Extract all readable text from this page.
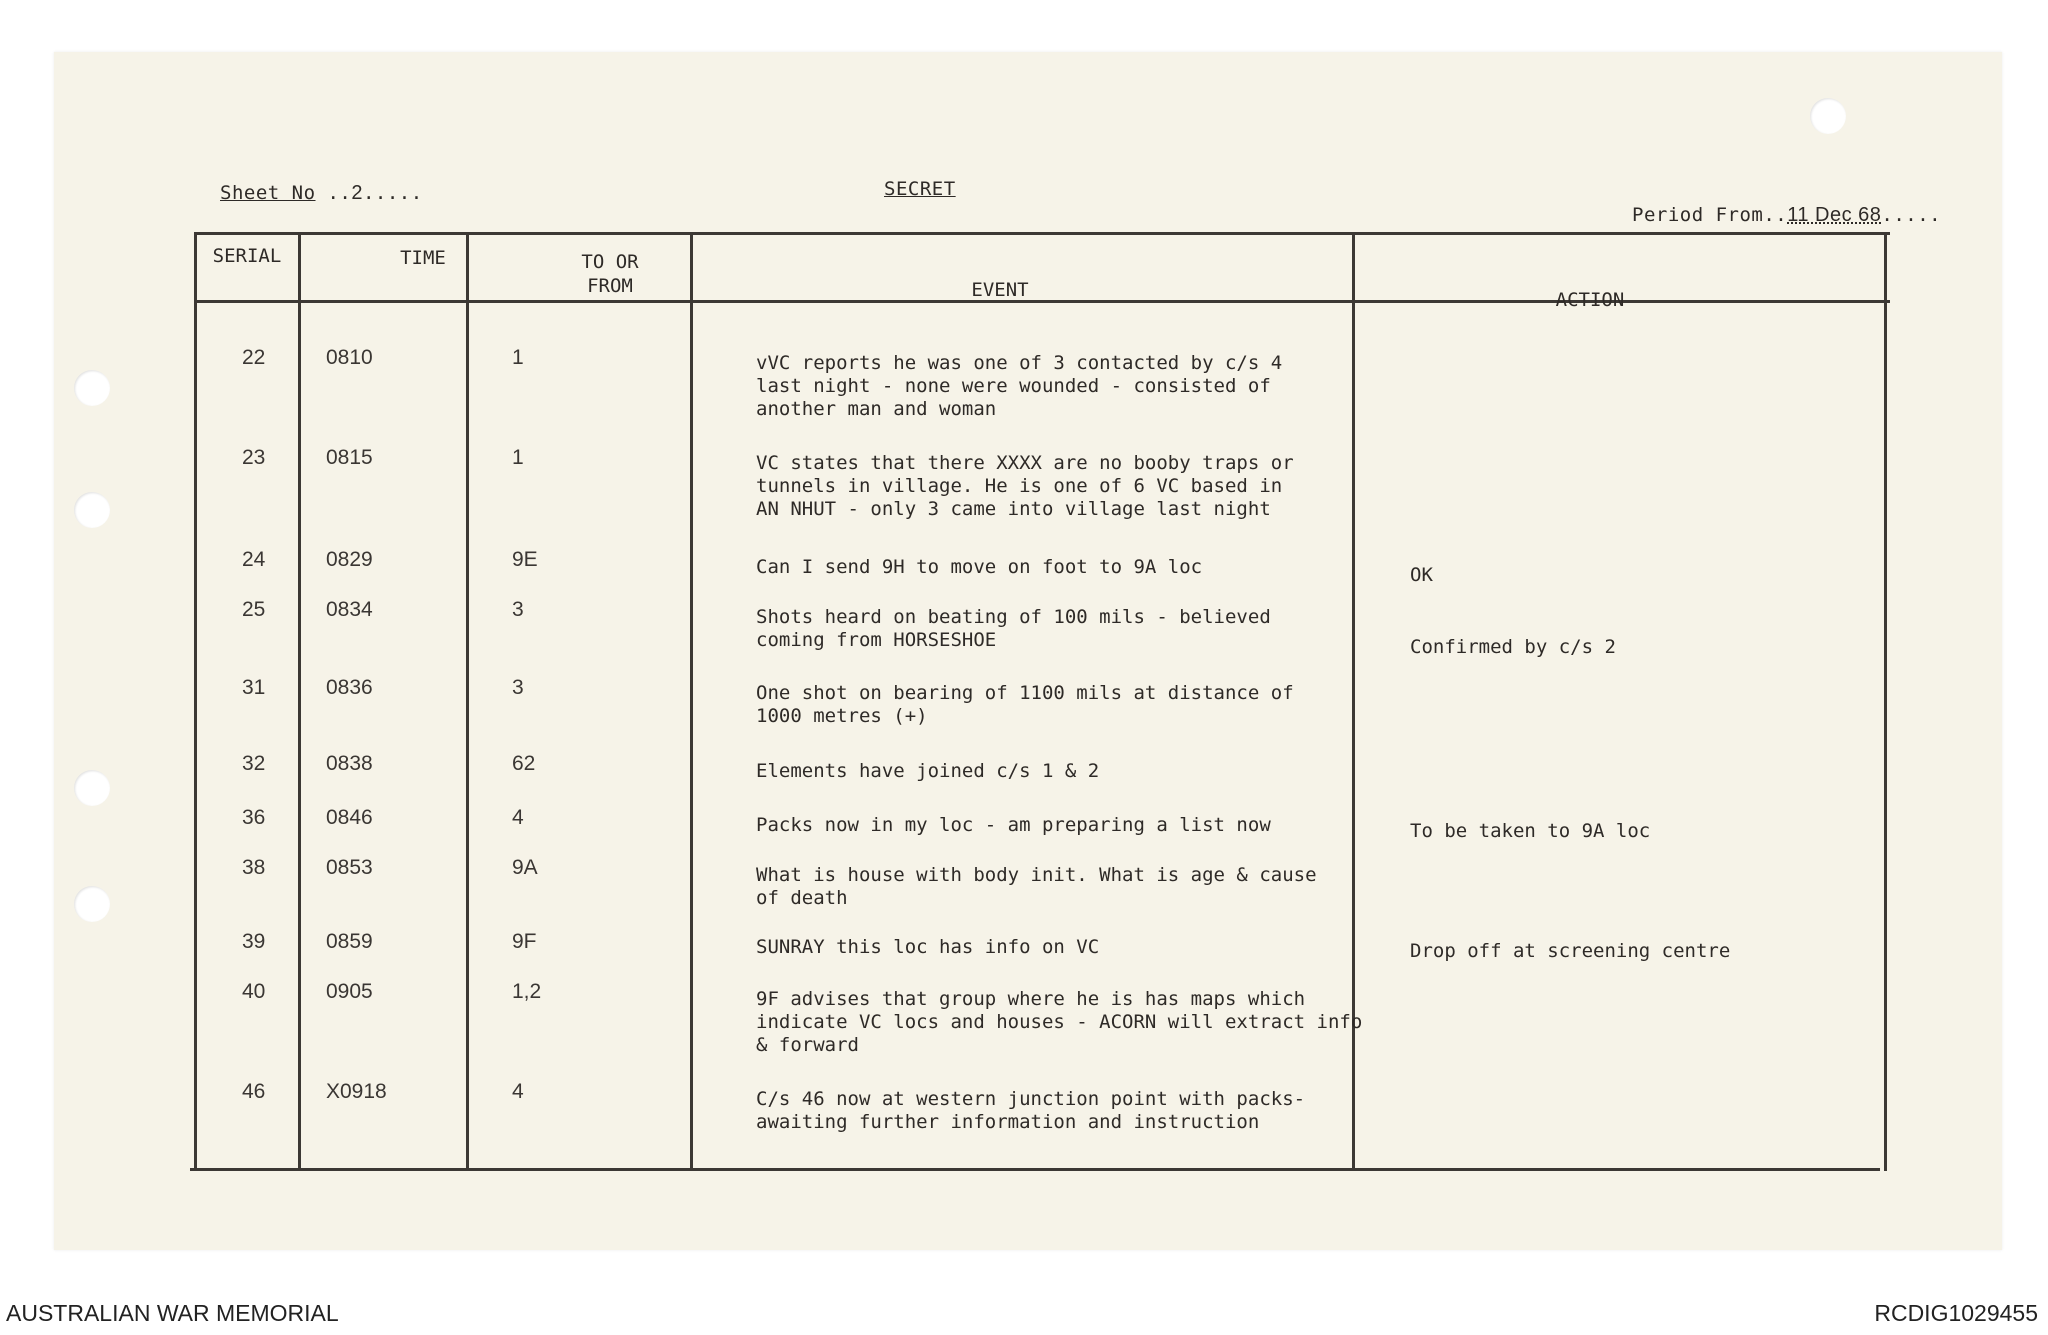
Sheet No ..2.....	SECRET
Period From..11 Dec 68.....
SERIAL	TIME	TO OR
FROM	EVENT	ACTION
22	0810	1	vVC reports he was one of 3 contacted by c/s 4
last night - none were wounded - consisted of
another man and woman
23	0815	1	VC states that there XXXX are no booby traps or
tunnels in village. He is one of 6 VC based in
AN NHUT - only 3 came into village last night
24	0829	9E	Can I send 9H to move on foot to 9A loc	OK
25	0834	3	Shots heard on beating of 100 mils - believed
coming from HORSESHOE	Confirmed by c/s 2
31	0836	3	One shot on bearing of 1100 mils at distance of
1000 metres (+)
32	0838	62	Elements have joined c/s 1 & 2
36	0846	4	Packs now in my loc - am preparing a list now	To be taken to 9A loc
38	0853	9A	What is house with body init. What is age & cause
of death
39	0859	9F	SUNRAY this loc has info on VC	Drop off at screening centre
40	0905	1,2	9F advises that group where he is has maps which
indicate VC locs and houses - ACORN will extract info
& forward
46	X0918	4	C/s 46 now at western junction point with packs-
awaiting further information and instruction
AUSTRALIAN WAR MEMORIAL	RCDIG1029455
